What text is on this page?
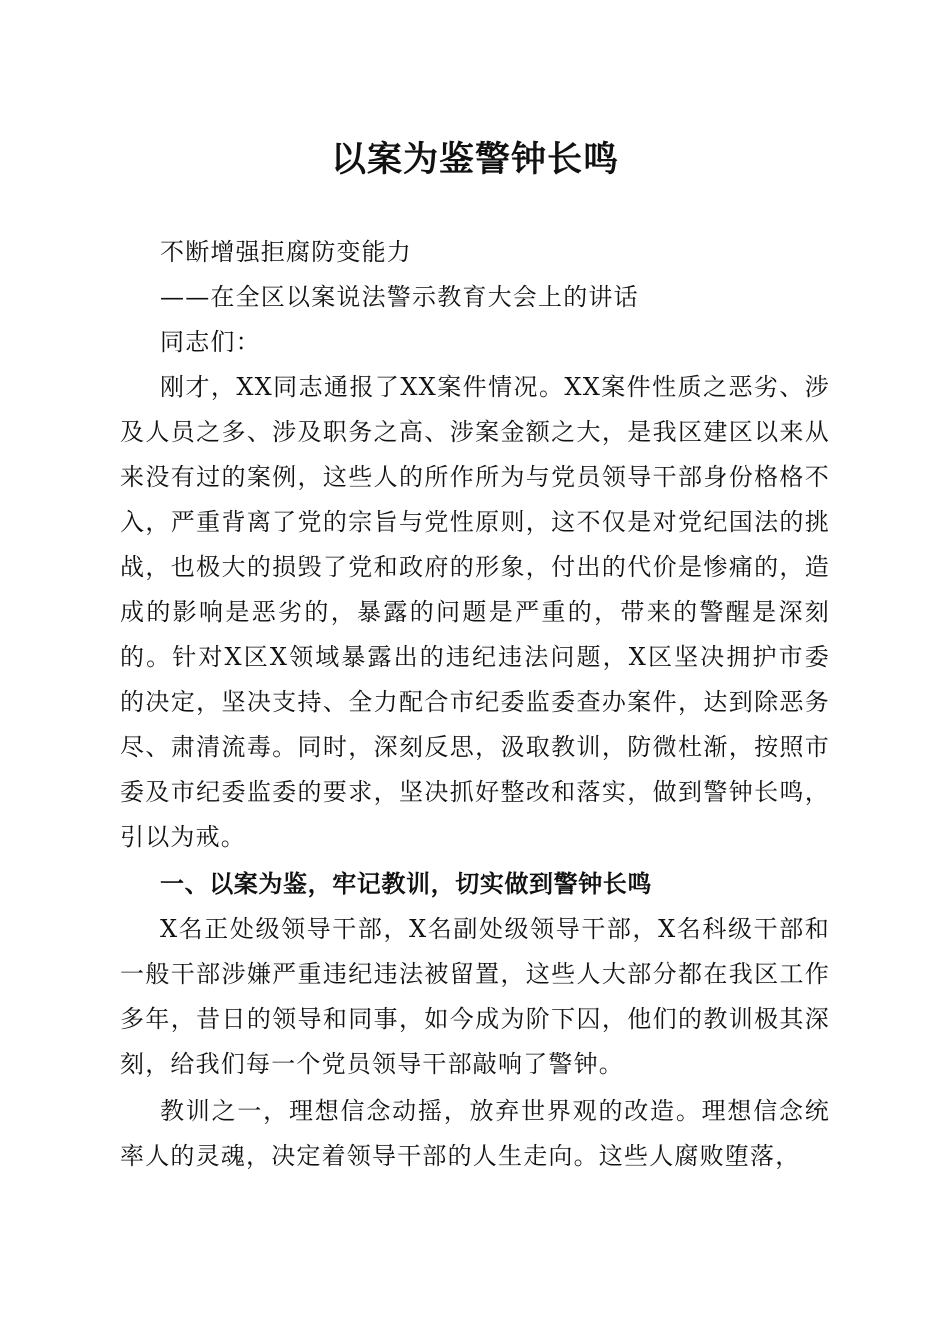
以案为鉴警钟长鸣

不断增强拒腐防变能力

——在全区以案说法警示教育大会上的讲话

同志们：

刚才，XX同志通报了XX案件情况。XX案件性质之恶劣、涉及人员之多、涉及职务之高、涉案金额之大，是我区建区以来从来没有过的案例，这些人的所作所为与党员领导干部身份格格不入，严重背离了党的宗旨与党性原则，这不仅是对党纪国法的挑战，也极大的损毁了党和政府的形象，付出的代价是惨痛的，造成的影响是恶劣的，暴露的问题是严重的，带来的警醒是深刻的。针对X区X领域暴露出的违纪违法问题，X区坚决拥护市委的决定，坚决支持、全力配合市纪委监委查办案件，达到除恶务尽、肃清流毒。同时，深刻反思，汲取教训，防微杜渐，按照市委及市纪委监委的要求，坚决抓好整改和落实，做到警钟长鸣，引以为戒。

一、以案为鉴，牢记教训，切实做到警钟长鸣

X名正处级领导干部，X名副处级领导干部，X名科级干部和一般干部涉嫌严重违纪违法被留置，这些人大部分都在我区工作多年，昔日的领导和同事，如今成为阶下囚，他们的教训极其深刻，给我们每一个党员领导干部敲响了警钟。

教训之一，理想信念动摇，放弃世界观的改造。理想信念统率人的灵魂，决定着领导干部的人生走向。这些人腐败堕落，
